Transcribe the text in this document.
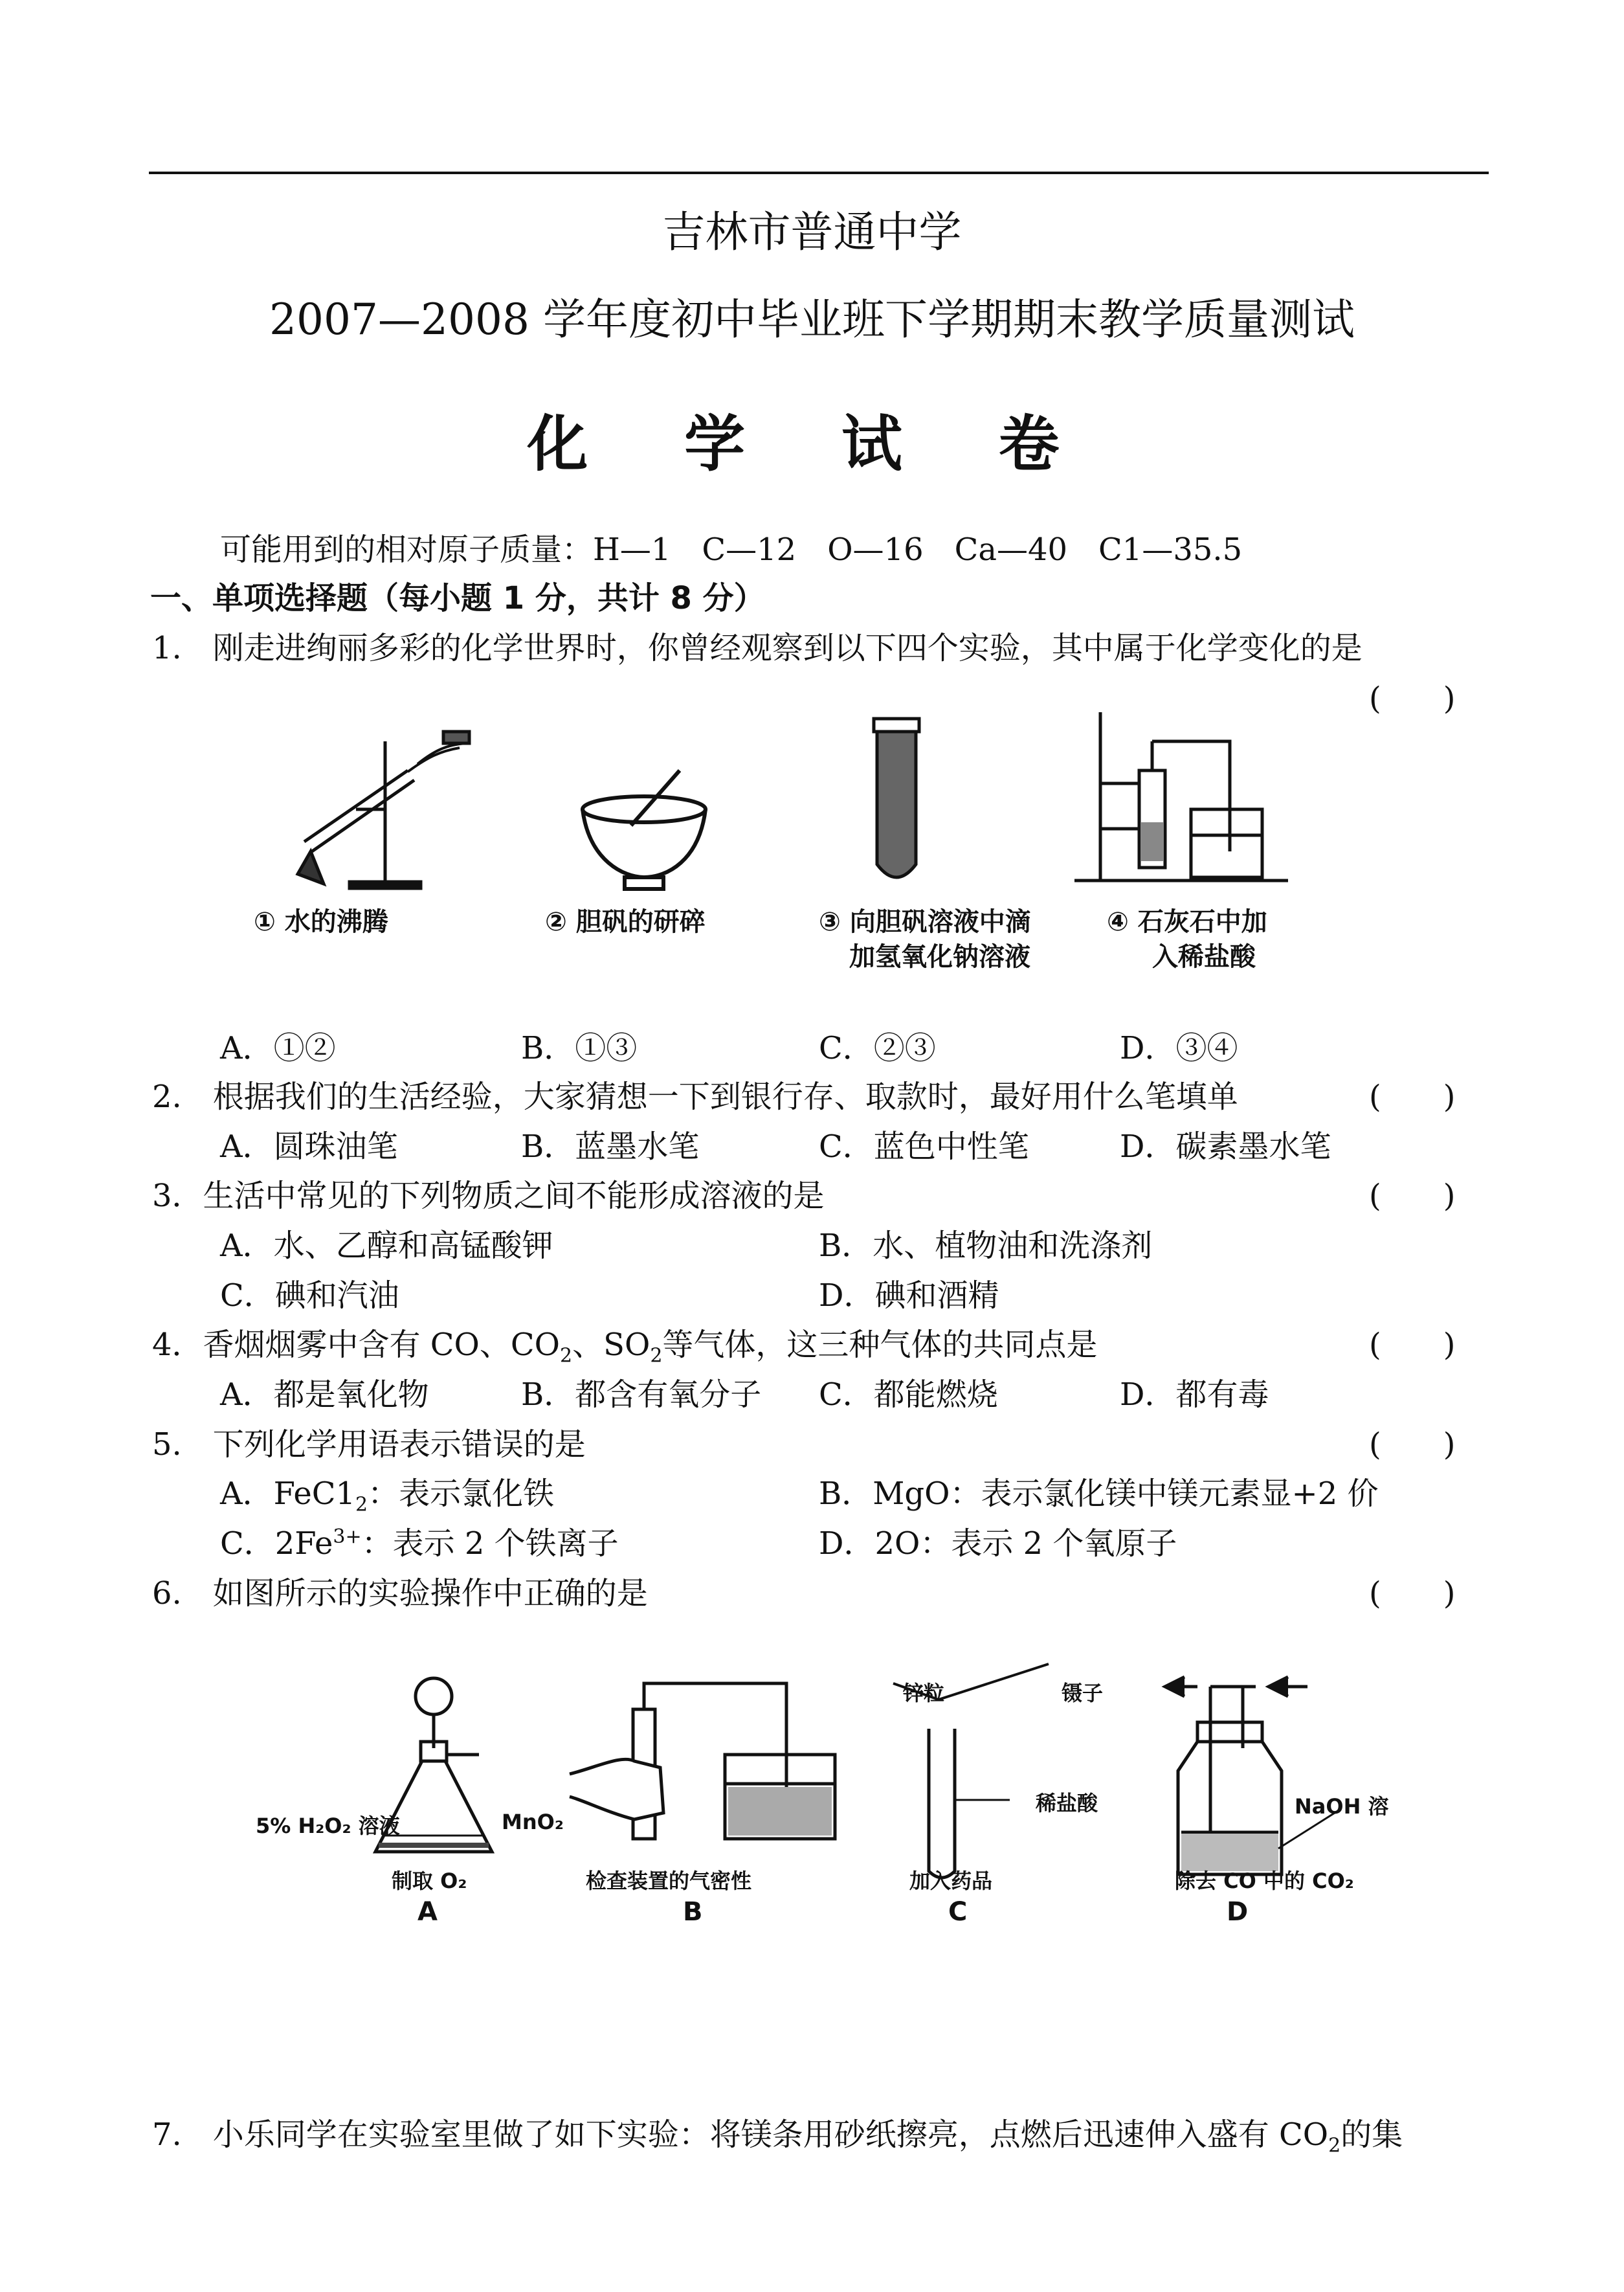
吉林市普通中学
2007—2008 学年度初中毕业班下学期期末教学质量测试
化 学 试 卷
可能用到的相对原子质量：H—1　C—12　O—16　Ca—40　C1—35.5
一、单项选择题（每小题 1 分，共计 8 分）
1.　刚走进绚丽多彩的化学世界时，你曾经观察到以下四个实验，其中属于化学变化的是
(　　)
① 水的沸腾	② 胆矾的研碎	③ 向胆矾溶液中滴
加氢氧化钠溶液
④ 石灰石中加
入稀盐酸
A．①②	B．①③	C．②③	D．③④
2.　根据我们的生活经验，大家猜想一下到银行存、取款时，最好用什么笔填单	(　　)
A．圆珠油笔	B．蓝墨水笔	C．蓝色中性笔	D．碳素墨水笔
3．生活中常见的下列物质之间不能形成溶液的是	(　　)
A．水、乙醇和高锰酸钾	B．水、植物油和洗涤剂
C．碘和汽油	D．碘和酒精
4．香烟烟雾中含有 CO、$CO_2$、$SO_2$等气体，这三种气体的共同点是	(　　)
A．都是氧化物	B．都含有氧分子 C．都能燃烧	D．都有毒
5.　下列化学用语表示错误的是	(　　)
A．$FeC1_2$：表示氯化铁	B．MgO：表示氯化镁中镁元素显+2 价
C．$2Fe^{3+}$：表示 2 个铁离子	D．2O：表示 2 个氧原子
6.　如图所示的实验操作中正确的是	(　　)
5% H₂O₂ 溶液	MnO₂
制取 O₂	检查装置的气密性
锌粒	镊子
稀盐酸
加入药品
NaOH 溶
除去 CO 中的 CO₂
A	B	C	D
7.　小乐同学在实验室里做了如下实验：将镁条用砂纸擦亮，点燃后迅速伸入盛有 $CO_2$的集
